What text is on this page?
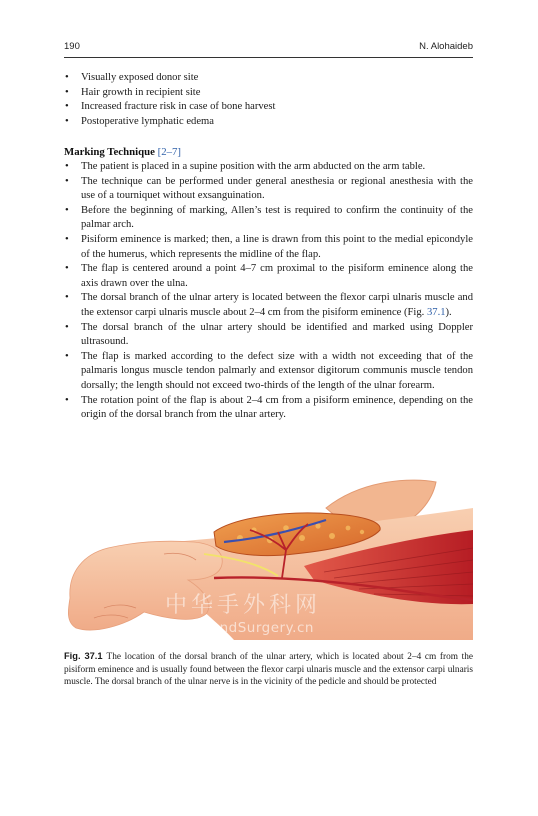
190	N. Alohaideb
• Visually exposed donor site
• Hair growth in recipient site
• Increased fracture risk in case of bone harvest
• Postoperative lymphatic edema
Marking Technique [2–7]
• The patient is placed in a supine position with the arm abducted on the arm table.
• The technique can be performed under general anesthesia or regional anesthesia with the use of a tourniquet without exsanguination.
• Before the beginning of marking, Allen’s test is required to confirm the continuity of the palmar arch.
• Pisiform eminence is marked; then, a line is drawn from this point to the medial epicondyle of the humerus, which represents the midline of the flap.
• The flap is centered around a point 4–7 cm proximal to the pisiform eminence along the axis drawn over the ulna.
• The dorsal branch of the ulnar artery is located between the flexor carpi ulnaris muscle and the extensor carpi ulnaris muscle about 2–4 cm from the pisiform eminence (Fig. 37.1).
• The dorsal branch of the ulnar artery should be identified and marked using Doppler ultrasound.
• The flap is marked according to the defect size with a width not exceeding that of the palmaris longus muscle tendon palmarly and extensor digitorum communis muscle tendon dorsally; the length should not exceed two-thirds of the length of the ulnar forearm.
• The rotation point of the flap is about 2–4 cm from a pisiform eminence, depending on the origin of the dorsal branch from the ulnar artery.
中华手外科网
www.HandSurgery.cn
Fig. 37.1 The location of the dorsal branch of the ulnar artery, which is located about 2–4 cm from the pisiform eminence and is usually found between the flexor carpi ulnaris muscle and the extensor carpi ulnaris muscle. The dorsal branch of the ulnar nerve is in the vicinity of the pedicle and should be protected
